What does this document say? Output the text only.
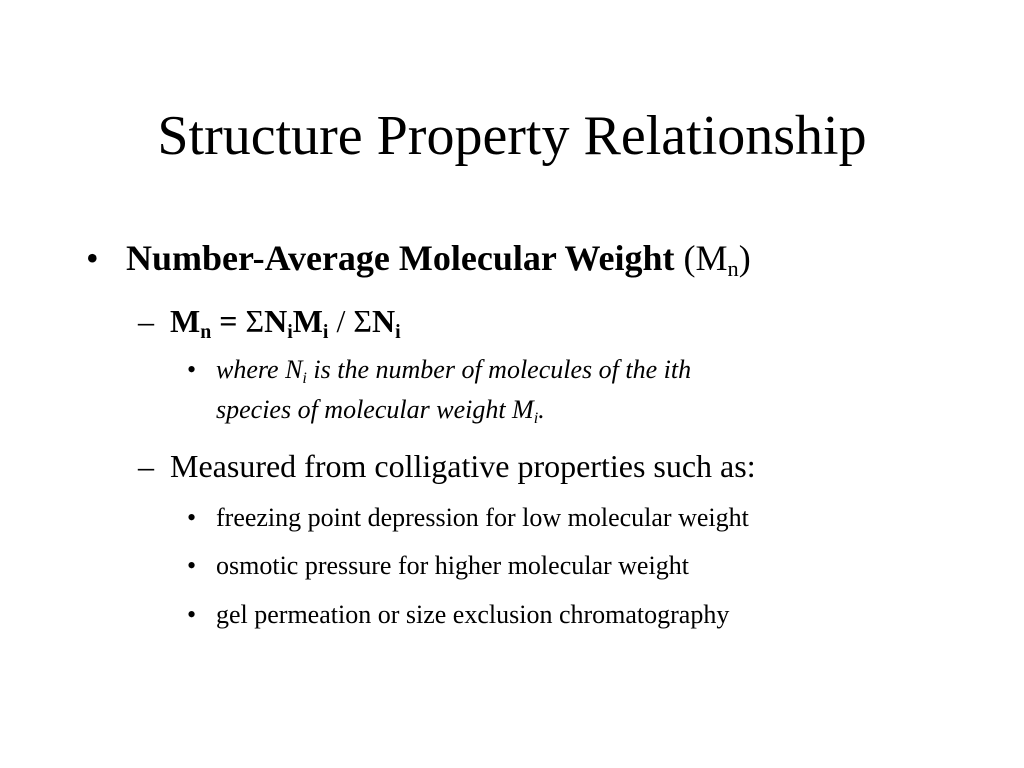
Structure Property Relationship
• Number-Average Molecular Weight $(M_n)$
– $M_n = \Sigma N_iM_i / \Sigma N_i$
• where $N_i$ is the number of molecules of the ith
species of molecular weight $M_i$.
– Measured from colligative properties such as:
• freezing point depression for low molecular weight
• osmotic pressure for higher molecular weight
• gel permeation or size exclusion chromatography
